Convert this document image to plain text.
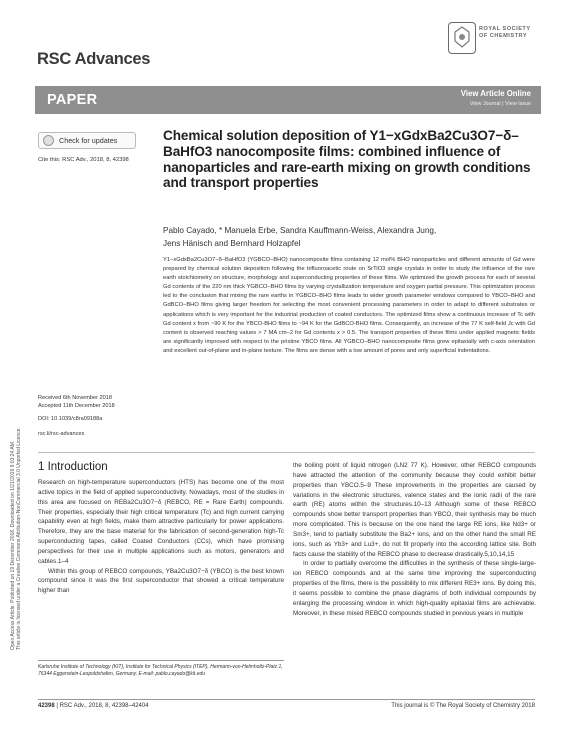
RSC Advances
ROYAL SOCIETY
OF CHEMISTRY
PAPER	View Article Online
View Journal | View Issue
Open Access Article. Published on 19 December 2018. Downloaded on 1/21/2019 9:03:24 AM. This article is licensed under a Creative Commons Attribution-NonCommercial 3.0 Unported Licence.
Check for updates
Cite this: RSC Adv., 2018, 8, 42398
Chemical solution deposition of Y1−xGdxBa2Cu3O7−δ–BaHfO3 nanocomposite films: combined influence of nanoparticles and rare-earth mixing on growth conditions and transport properties
Pablo Cayado, * Manuela Erbe, Sandra Kauffmann-Weiss, Alexandra Jung,
Jens Hänisch and Bernhard Holzapfel
Y1−xGdxBa2Cu3O7−δ–BaHfO3 (YGBCO–BHO) nanocomposite films containing 12 mol% BHO nanoparticles and different amounts of Gd were prepared by chemical solution deposition following the trifluoroacetic route on SrTiO3 single crystals in order to study the influence of the rare earth stoichiometry on structure, morphology and superconducting properties of these films. We optimized the growth process for each of several Gd contents of the 220 nm thick YGBCO–BHO films by varying crystallization temperature and oxygen partial pressure. This optimization process led to the conclusion that mixing the rare earths in YGBCO–BHO films leads to wider growth parameter windows compared to YBCO–BHO and GdBCO–BHO films giving larger freedom for selecting the most convenient processing parameters in order to adapt to different substrates or applications which is very important for the industrial production of coated conductors. The optimized films show a continuous increase of Tc with Gd content x from ~90 K for the YBCO-BHO films to ~94 K for the GdBCO-BHO films. Consequently, an increase of the 77 K self-field Jc with Gd content is observed reaching values > 7 MA cm−2 for Gd contents x > 0.5. The transport properties of these films under applied magnetic fields are significantly improved with respect to the pristine YBCO films. All YGBCO–BHO nanocomposite films grew epitaxially with c-axis orientation and excellent out-of-plane and in-plane texture. The films are dense with a low amount of pores and only superficial indentations.
Received 6th November 2018
Accepted 11th December 2018
DOI: 10.1039/c8ra09188a
rsc.li/rsc-advances
1 Introduction

Research on high-temperature superconductors (HTS) has become one of the most active topics in the field of applied superconductivity. Nowadays, most of the studies in this area are focused on REBa2Cu3O7−δ (REBCO, RE = Rare Earth) compounds. Their properties, especially their high critical temperature (Tc) and high current carrying capability even at high fields, make them attractive particularly for power applications. Therefore, they are the base material for the fabrication of second-generation high-Tc superconducting tapes, called Coated Conductors (CCs), which have promising perspectives for their use in multiple applications such as motors, generators and cables.1–4

Within this group of REBCO compounds, YBa2Cu3O7−δ (YBCO) is the best known compound since it was the first superconductor that showed a critical temperature higher than

the boiling point of liquid nitrogen (LN2 77 K). However, other REBCO compounds have attracted the attention of the community because they could exhibit better properties than YBCO.5–9 These improvements in the properties are caused by variations in the electronic structures, valence states and the ionic radii of the rare earth (RE) atoms within the structures.10–13 Although some of these REBCO compounds show better transport properties than YBCO, their synthesis may be much more complicated. This is because on the one hand the large RE ions, like Nd3+ or Sm3+, tend to partially substitute the Ba2+ ions, and on the other hand the small RE ions, such as Yb3+ and Lu3+, do not fit properly into the according lattice site. Both facts cause the stability of the REBCO phase to decrease drastically.5,10,14,15

In order to partially overcome the difficulties in the synthesis of these single-large-ion REBCO compounds and at the same time improving the superconducting properties of the films, there is the possibility to mix different RE3+ ions. By doing this, it seems possible to combine the phase diagrams of both individual compounds by enlarging the processing window in which high-quality epitaxial films are achievable. Moreover, in these mixed REBCO compounds studied in previous years in multiple

Karlsruhe Institute of Technology (KIT), Institute for Technical Physics (ITEP), Hermann-von-Helmholtz-Platz 1, 76344 Eggenstein-Leopoldshafen, Germany. E-mail: pablo.cayado@kit.edu
42398 | RSC Adv., 2018, 8, 42398–42404	This journal is © The Royal Society of Chemistry 2018
